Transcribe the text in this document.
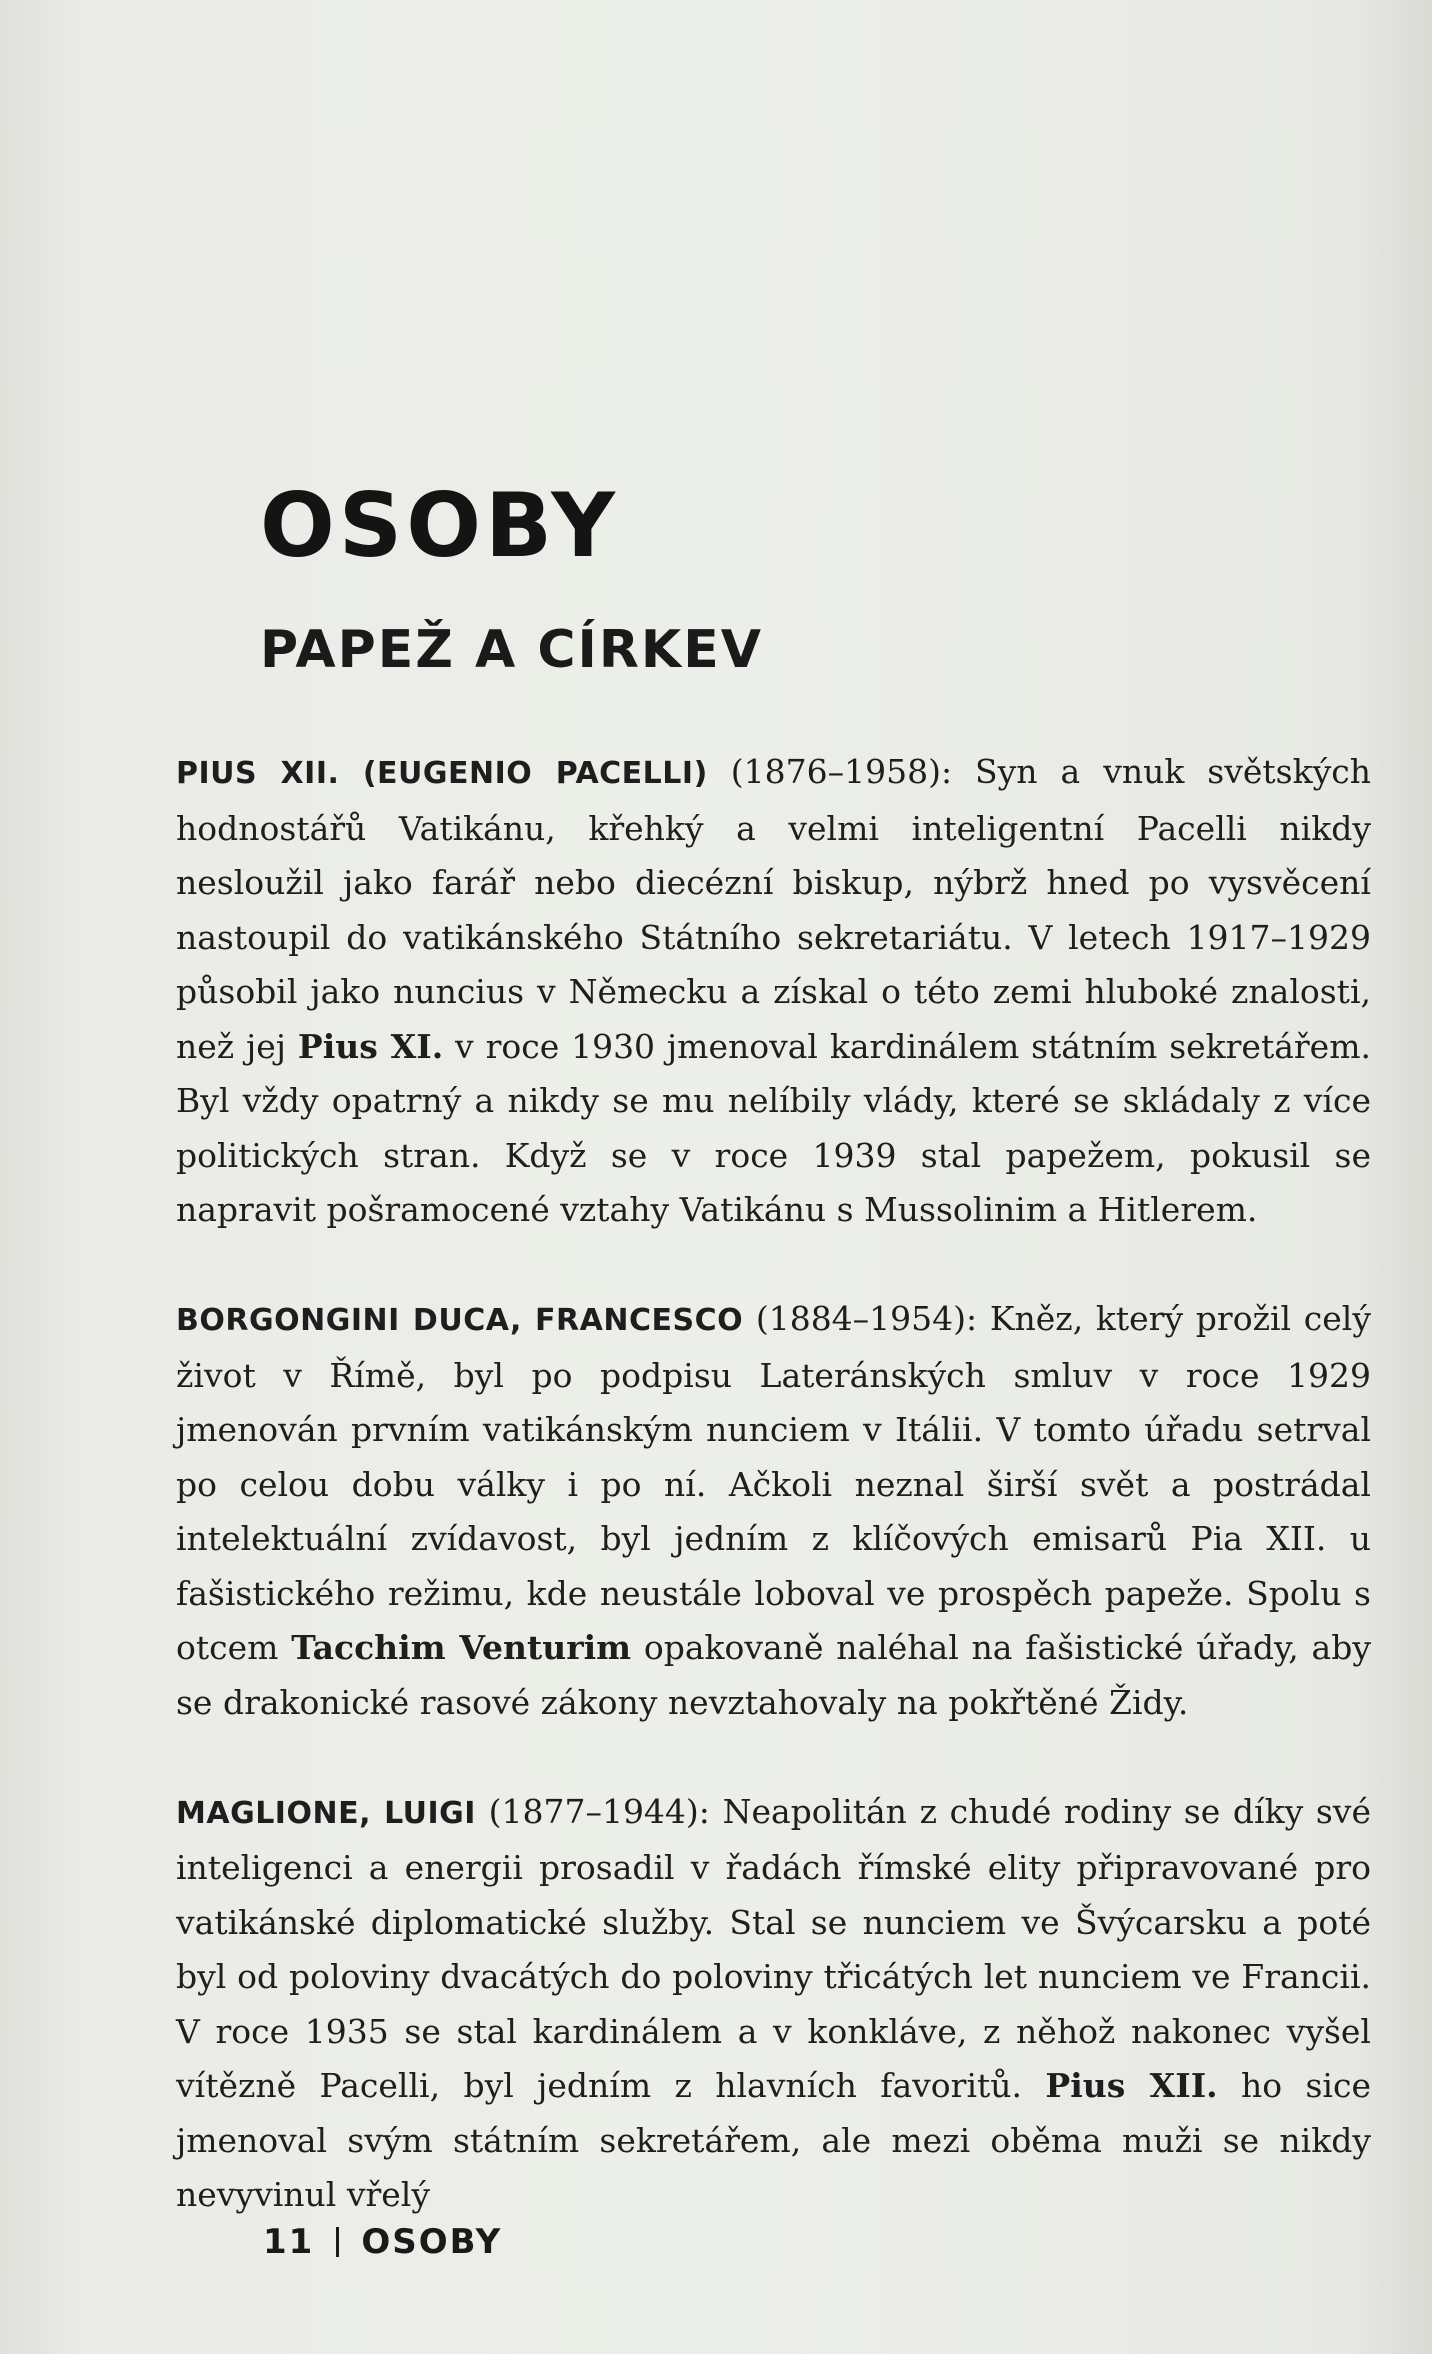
OSOBY
PAPEŽ A CÍRKEV

PIUS XII. (EUGENIO PACELLI) (1876–1958): Syn a vnuk světských hodnostářů Vatikánu, křehký a velmi inteligentní Pacelli nikdy nesloužil jako farář nebo diecézní biskup, nýbrž hned po vysvěcení nastoupil do vatikánského Státního sekretariátu. V letech 1917–1929 působil jako nuncius v Německu a získal o této zemi hluboké znalosti, než jej Pius XI. v roce 1930 jmenoval kardinálem státním sekretářem. Byl vždy opatrný a nikdy se mu nelíbily vlády, které se skládaly z více politických stran. Když se v roce 1939 stal papežem, pokusil se napravit pošramocené vztahy Vatikánu s Mussolinim a Hitlerem.

BORGONGINI DUCA, FRANCESCO (1884–1954): Kněz, který prožil celý život v Římě, byl po podpisu Lateránských smluv v roce 1929 jmenován prvním vatikánským nunciem v Itálii. V tomto úřadu setrval po celou dobu války i po ní. Ačkoli neznal širší svět a postrádal intelektuální zvídavost, byl jedním z klíčových emisarů Pia XII. u fašistického režimu, kde neustále loboval ve prospěch papeže. Spolu s otcem Tacchim Venturim opakovaně naléhal na fašistické úřady, aby se drakonické rasové zákony nevztahovaly na pokřtěné Židy.

MAGLIONE, LUIGI (1877–1944): Neapolitán z chudé rodiny se díky své inteligenci a energii prosadil v řadách římské elity připravované pro vatikánské diplomatické služby. Stal se nunciem ve Švýcarsku a poté byl od poloviny dvacátých do poloviny třicátých let nunciem ve Francii. V roce 1935 se stal kardinálem a v konkláve, z něhož nakonec vyšel vítězně Pacelli, byl jedním z hlavních favoritů. Pius XII. ho sice jmenoval svým státním sekretářem, ale mezi oběma muži se nikdy nevyvinul vřelý

11 OSOBY
